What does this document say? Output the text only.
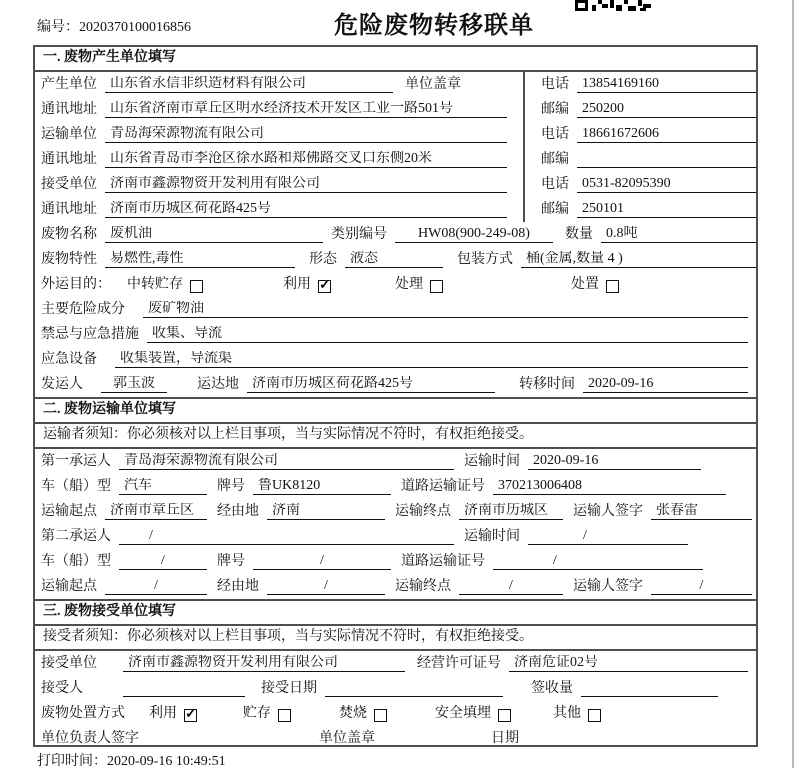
编号：2020370100016856	危险废物转移联单
一. 废物产生单位填写
产生单位 山东省永信非织造材料有限公司	单位盖章	电话 13854169160
通讯地址 山东省济南市章丘区明水经济技术开发区工业一路501号	邮编 250200
运输单位 青岛海荣源物流有限公司	电话 18661672606
通讯地址 山东省青岛市李沧区徐水路和郑佛路交叉口东侧20米	邮编
接受单位 济南市鑫源物资开发利用有限公司	电话 0531-82095390
通讯地址 济南市历城区荷花路425号	邮编 250101
废物名称 废机油	类别编号	HW08(900-249-08)	数量 0.8吨
废物特性 易燃性,毒性	形态 液态	包装方式 桶(金属,数量 4 )
外运目的： 中转贮存	利用 ✓	处理	处置
主要危险成分	废矿物油
禁忌与应急措施 收集、导流
应急设备	收集装置，导流渠
发运人	郭玉波	运达地 济南市历城区荷花路425号	转移时间 2020-09-16
二. 废物运输单位填写
运输者须知：你必须核对以上栏目事项，当与实际情况不符时，有权拒绝接受。
第一承运人 青岛海荣源物流有限公司	运输时间 2020-09-16
车（船）型 汽车	牌号 鲁UK8120	道路运输证号 370213006408
运输起点 济南市章丘区	经由地 济南	运输终点 济南市历城区	运输人签字 张春雷
第二承运人	/	运输时间	/
车（船）型	/	牌号	/	道路运输证号	/
运输起点	/	经由地	/	运输终点	/	运输人签字	/
三. 废物接受单位填写
接受者须知：你必须核对以上栏目事项，当与实际情况不符时，有权拒绝接受。
接受单位	济南市鑫源物资开发利用有限公司	经营许可证号 济南危证02号
接受人	接受日期	签收量
废物处置方式 利用 ✓	贮存	焚烧	安全填埋	其他
单位负责人签字	单位盖章	日期
打印时间：2020-09-16 10:49:51
